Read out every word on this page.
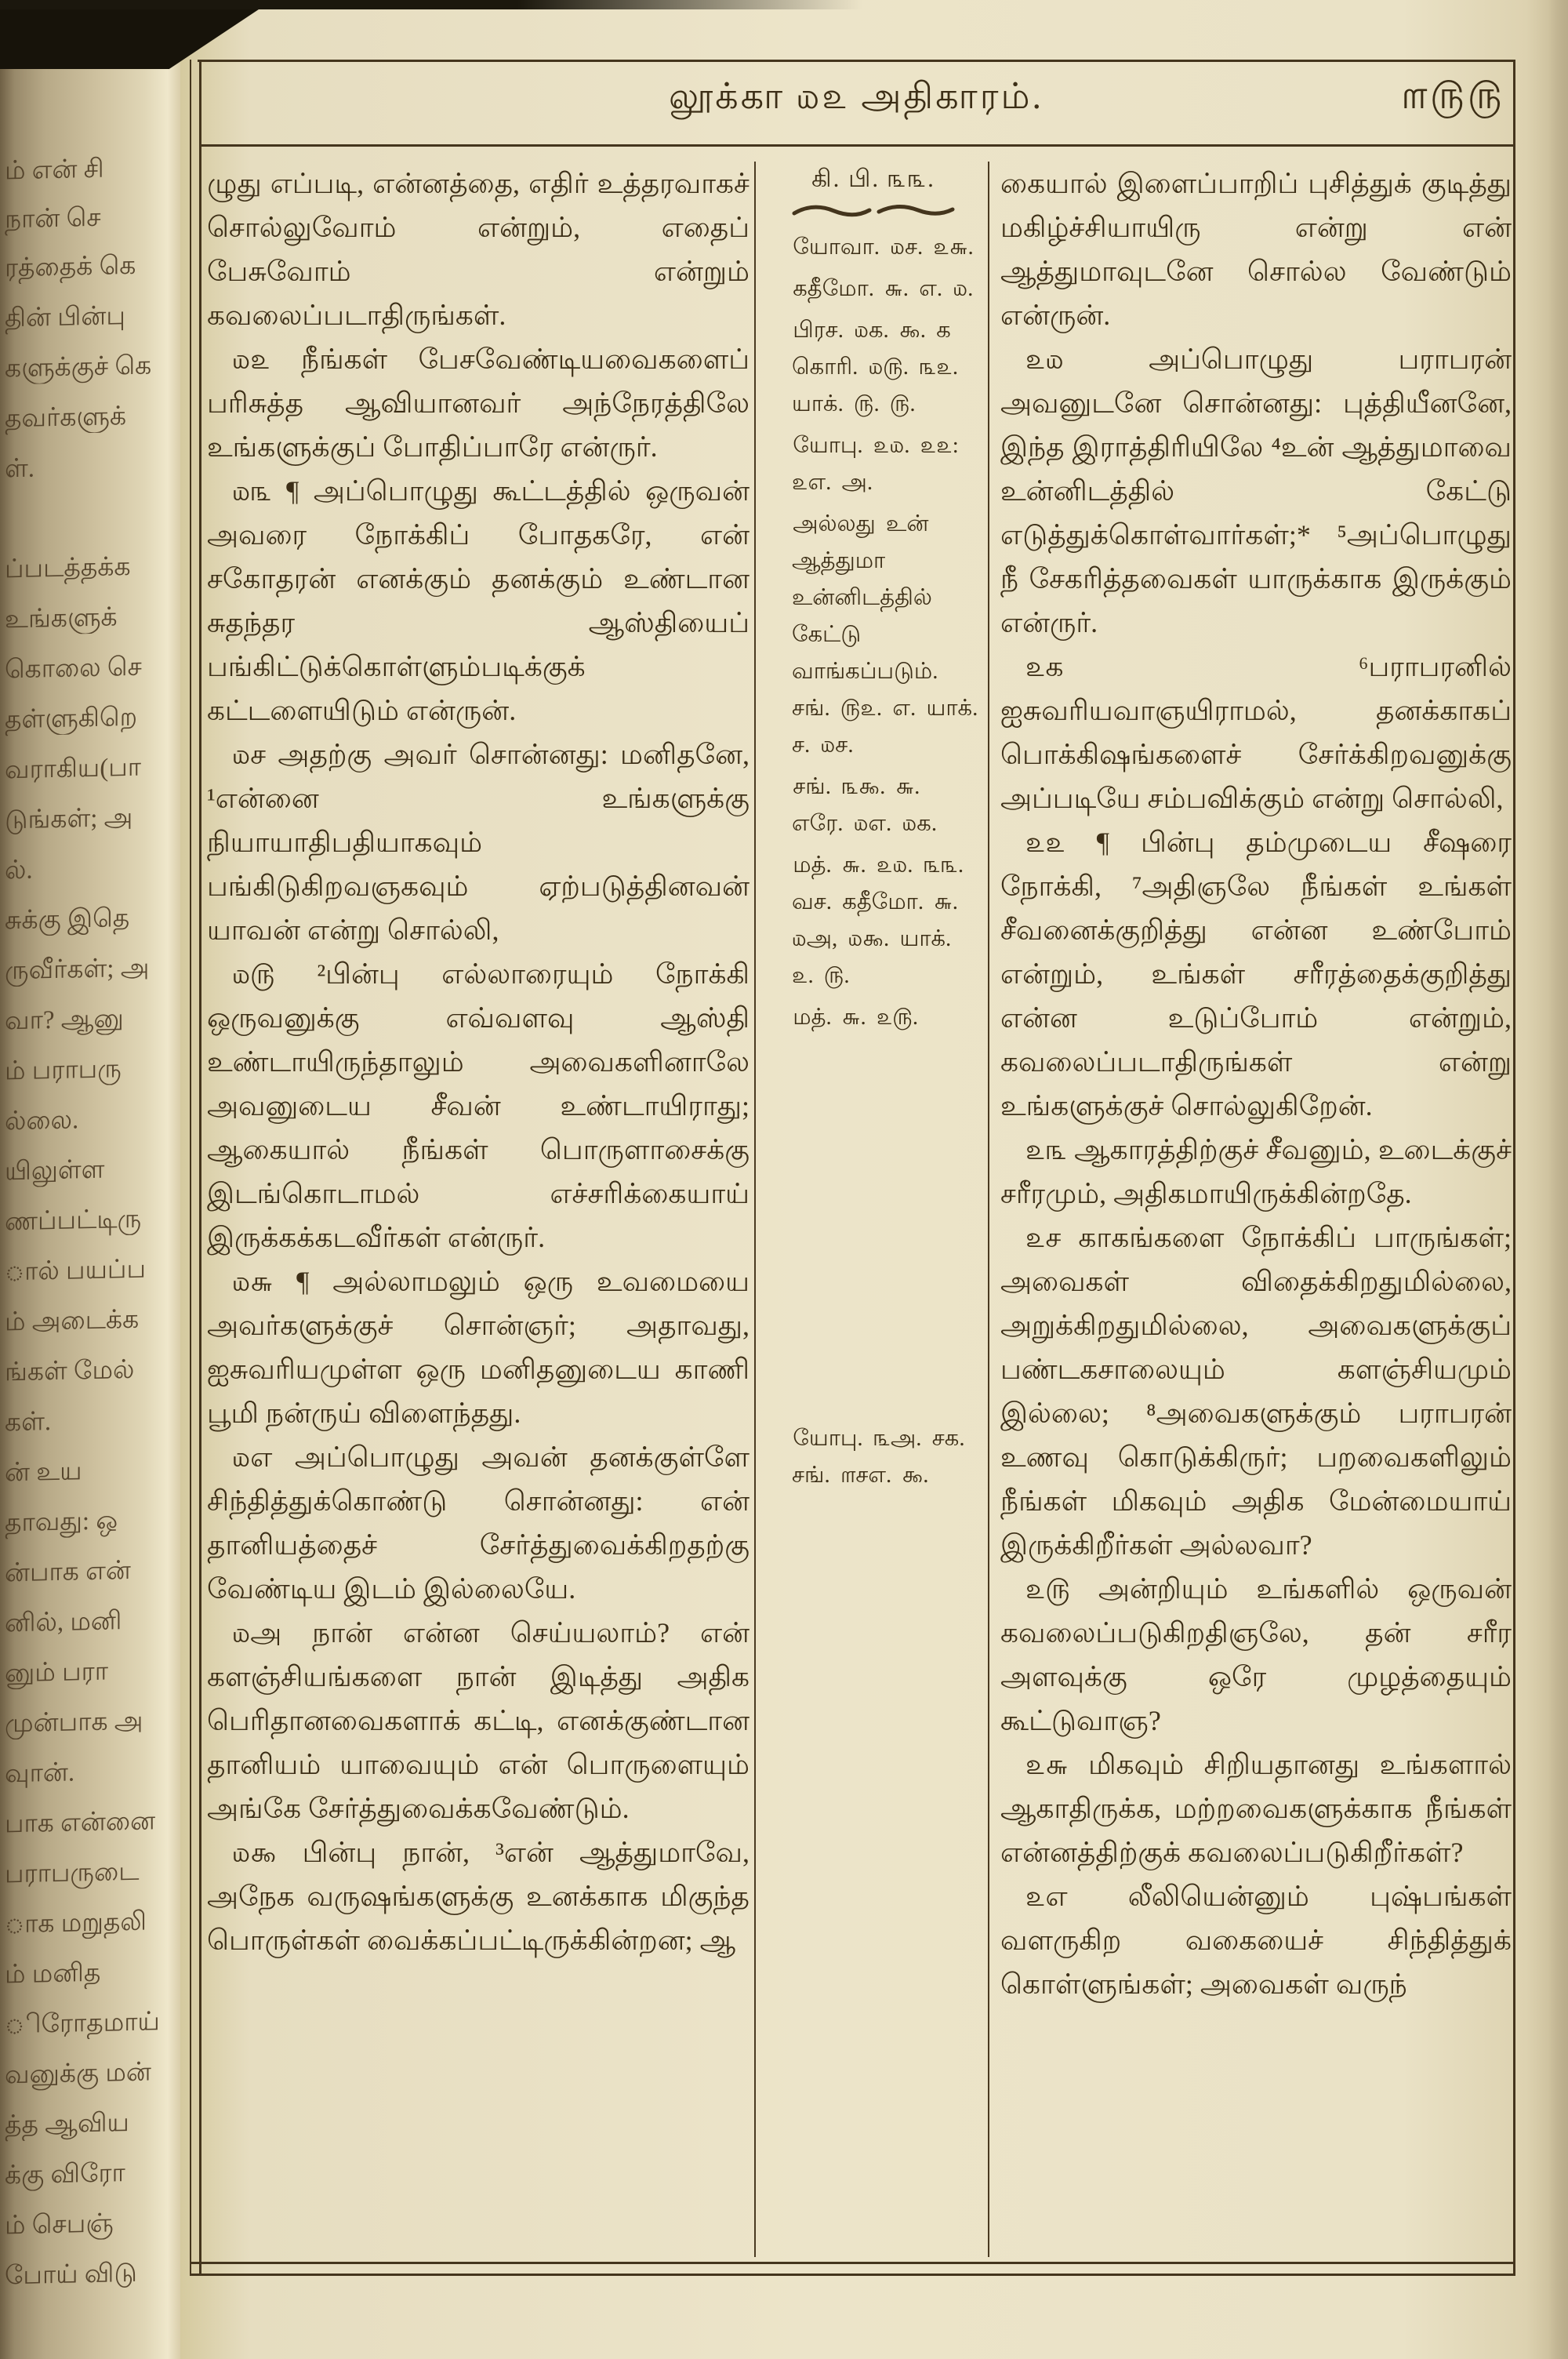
ம் என் சி
நான் செ
ரத்தைக் கெ
தின் பின்பு
களுக்குச் கெ
தவர்களுக்
ள்.
ப்படத்தக்க
உங்களுக்
கொலை செ
தள்ளுகிறெ
வராகிய(பா
டுங்கள்; அ
ல்.
சுக்கு இதெ
ருவீர்கள்; அ
வா? ஆனு
ம் பராபரு
ல்லை.
யிலுள்ள
ணப்பட்டிரு
ால் பயப்ப
ம் அடைக்க
ங்கள் மேல்
கள்.
ன் உய
தாவது: ஒ
ன்பாக என்
னில், மனி
னும் பரா
முன்பாக அ
வுான்.
பாக என்னை
பராபருடை
ாக மறுதலி
ம் மனித
ிரோதமாய்
வனுக்கு மன்
த்த ஆவிய
க்கு விரோ
ம் செபஞ்
போய் விடு
லூக்கா ௰௨ அதிகாரம்.	௱௫௫

ழுது எப்படி, என்னத்தை, எதிர் உத்தரவாகச் சொல்லுவோம் என்றும், எதைப் பேசுவோம் என்றும் கவலைப்படாதிருங்கள்.

௰௨ நீங்கள் பேசவேண்டியவைகளைப் பரிசுத்த ஆவியானவர் அந்நேரத்திலே உங்களுக்குப் போதிப்பாரே என்ருர்.

௰௩ ¶ அப்பொழுது கூட்டத்தில் ஒருவன் அவரை நோக்கிப் போதகரே, என் சகோதரன் எனக்கும் தனக்கும் உண்டான சுதந்தர ஆஸ்தியைப் பங்கிட்டுக்கொள்ளும்படிக்குக் கட்டளையிடும் என்ருன்.

௰ச அதற்கு அவர் சொன்னது: மனிதனே, ¹என்னை உங்களுக்கு நியாயாதிபதியாகவும் பங்கிடுகிறவஞகவும் ஏற்படுத்தினவன் யாவன் என்று சொல்லி,

௰௫ ²பின்பு எல்லாரையும் நோக்கி ஒருவனுக்கு எவ்வளவு ஆஸ்தி உண்டாயிருந்தாலும் அவைகளினாலே அவனுடைய சீவன் உண்டாயிராது; ஆகையால் நீங்கள் பொருளாசைக்கு இடங்கொடாமல் எச்சரிக்கையாய் இருக்கக்கடவீர்கள் என்ருர்.

௰௬ ¶ அல்லாமலும் ஒரு உவமையை அவர்களுக்குச் சொன்ஞர்; அதாவது, ஐசுவரியமுள்ள ஒரு மனிதனுடைய காணி பூமி நன்ருய் விளைந்தது.

௰எ அப்பொழுது அவன் தனக்குள்ளே சிந்தித்துக்கொண்டு சொன்னது: என் தானியத்தைச் சேர்த்துவைக்கிறதற்கு வேண்டிய இடம் இல்லையே.

௰அ நான் என்ன செய்யலாம்? என் களஞ்சியங்களை நான் இடித்து அதிக பெரிதானவைகளாக் கட்டி, எனக்குண்டான தானியம் யாவையும் என் பொருளையும் அங்கே சேர்த்துவைக்கவேண்டும்.

௰௯ பின்பு நான், ³என் ஆத்துமாவே, அநேக வருஷங்களுக்கு உனக்காக மிகுந்த பொருள்கள் வைக்கப்பட்டிருக்கின்றன; ஆ

கி. பி. ௩௩.
யோவா. ௰ச. ௨௬.
கதீமோ. ௬. எ. ௰.
பிரச. ௰க. ௯. க கொரி. ௰௫. ௩௨. யாக். ௫. ௫.
யோபு. ௨௰. ௨௨: ௨எ. அ.
அல்லது உன் ஆத்துமா உன்னிடத்தில் கேட்டு வாங்கப்படும். சங். ௫௨. எ. யாக். ச. ௰ச.
சங். ௩௯. ௬. எரே. ௰எ. ௰க.
மத். ௬. ௨௰. ௩௩. வச. கதீமோ. ௬. ௰அ, ௰௯. யாக். ௨. ௫.
மத். ௬. ௨௫.
யோபு. ௩அ. சக. சங். ௱சஎ. ௯.

கையால் இளைப்பாறிப் புசித்துக் குடித்து மகிழ்ச்சியாயிரு என்று என் ஆத்துமாவுடனே சொல்ல வேண்டும் என்ருன்.

௨௰ அப்பொழுது பராபரன் அவனுடனே சொன்னது: புத்தியீனனே, இந்த இராத்திரியிலே ⁴உன் ஆத்துமாவை உன்னிடத்தில் கேட்டு எடுத்துக்கொள்வார்கள்;* ⁵அப்பொழுது நீ சேகரித்தவைகள் யாருக்காக இருக்கும் என்ருர்.

௨க ⁶பராபரனில் ஐசுவரியவாஞயிராமல், தனக்காகப் பொக்கிஷங்களைச் சேர்க்கிறவனுக்கு அப்படியே சம்பவிக்கும் என்று சொல்லி,

௨௨ ¶ பின்பு தம்முடைய சீஷரை நோக்கி, ⁷அதிஞலே நீங்கள் உங்கள் சீவனைக்குறித்து என்ன உண்போம் என்றும், உங்கள் சரீரத்தைக்குறித்து என்ன உடுப்போம் என்றும், கவலைப்படாதிருங்கள் என்று உங்களுக்குச் சொல்லுகிறேன்.

௨௩ ஆகாரத்திற்குச் சீவனும், உடைக்குச் சரீரமும், அதிகமாயிருக்கின்றதே.

௨ச காகங்களை நோக்கிப் பாருங்கள்; அவைகள் விதைக்கிறதுமில்லை, அறுக்கிறதுமில்லை, அவைகளுக்குப் பண்டகசாலையும் களஞ்சியமும் இல்லை; ⁸அவைகளுக்கும் பராபரன் உணவு கொடுக்கிருர்; பறவைகளிலும் நீங்கள் மிகவும் அதிக மேன்மையாய் இருக்கிறீர்கள் அல்லவா?

௨௫ அன்றியும் உங்களில் ஒருவன் கவலைப்படுகிறதிஞலே, தன் சரீர அளவுக்கு ஒரே முழத்தையும் கூட்டுவாஞ?

௨௬ மிகவும் சிறியதானது உங்களால் ஆகாதிருக்க, மற்றவைகளுக்காக நீங்கள் என்னத்திற்குக் கவலைப்படுகிறீர்கள்?

௨எ லீலியென்னும் புஷ்பங்கள் வளருகிற வகையைச் சிந்தித்துக் கொள்ளுங்கள்; அவைகள் வருந்
